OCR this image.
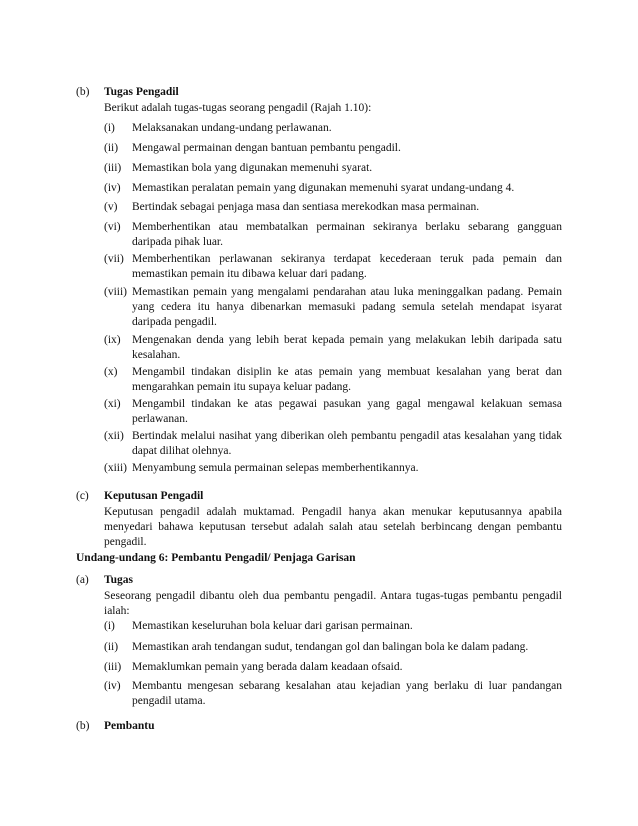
(b) Tugas Pengadil
Berikut adalah tugas-tugas seorang pengadil (Rajah 1.10):
(i) Melaksanakan undang-undang perlawanan.
(ii) Mengawal permainan dengan bantuan pembantu pengadil.
(iii) Memastikan bola yang digunakan memenuhi syarat.
(iv) Memastikan peralatan pemain yang digunakan memenuhi syarat undang-undang 4.
(v) Bertindak sebagai penjaga masa dan sentiasa merekodkan masa permainan.
(vi) Memberhentikan atau membatalkan permainan sekiranya berlaku sebarang gangguan daripada pihak luar.
(vii) Memberhentikan perlawanan sekiranya terdapat kecederaan teruk pada pemain dan memastikan pemain itu dibawa keluar dari padang.
(viii) Memastikan pemain yang mengalami pendarahan atau luka meninggalkan padang. Pemain yang cedera itu hanya dibenarkan memasuki padang semula setelah mendapat isyarat daripada pengadil.
(ix) Mengenakan denda yang lebih berat kepada pemain yang melakukan lebih daripada satu kesalahan.
(x) Mengambil tindakan disiplin ke atas pemain yang membuat kesalahan yang berat dan mengarahkan pemain itu supaya keluar padang.
(xi) Mengambil tindakan ke atas pegawai pasukan yang gagal mengawal kelakuan semasa perlawanan.
(xii) Bertindak melalui nasihat yang diberikan oleh pembantu pengadil atas kesalahan yang tidak dapat dilihat olehnya.
(xiii) Menyambung semula permainan selepas memberhentikannya.
(c) Keputusan Pengadil
Keputusan pengadil adalah muktamad. Pengadil hanya akan menukar keputusannya apabila menyedari bahawa keputusan tersebut adalah salah atau setelah berbincang dengan pembantu pengadil.
Undang-undang 6: Pembantu Pengadil/ Penjaga Garisan
(a) Tugas
Seseorang pengadil dibantu oleh dua pembantu pengadil. Antara tugas-tugas pembantu pengadil ialah:
(i) Memastikan keseluruhan bola keluar dari garisan permainan.
(ii) Memastikan arah tendangan sudut, tendangan gol dan balingan bola ke dalam padang.
(iii) Memaklumkan pemain yang berada dalam keadaan ofsaid.
(iv) Membantu mengesan sebarang kesalahan atau kejadian yang berlaku di luar pandangan pengadil utama.
(b) Pembantu
